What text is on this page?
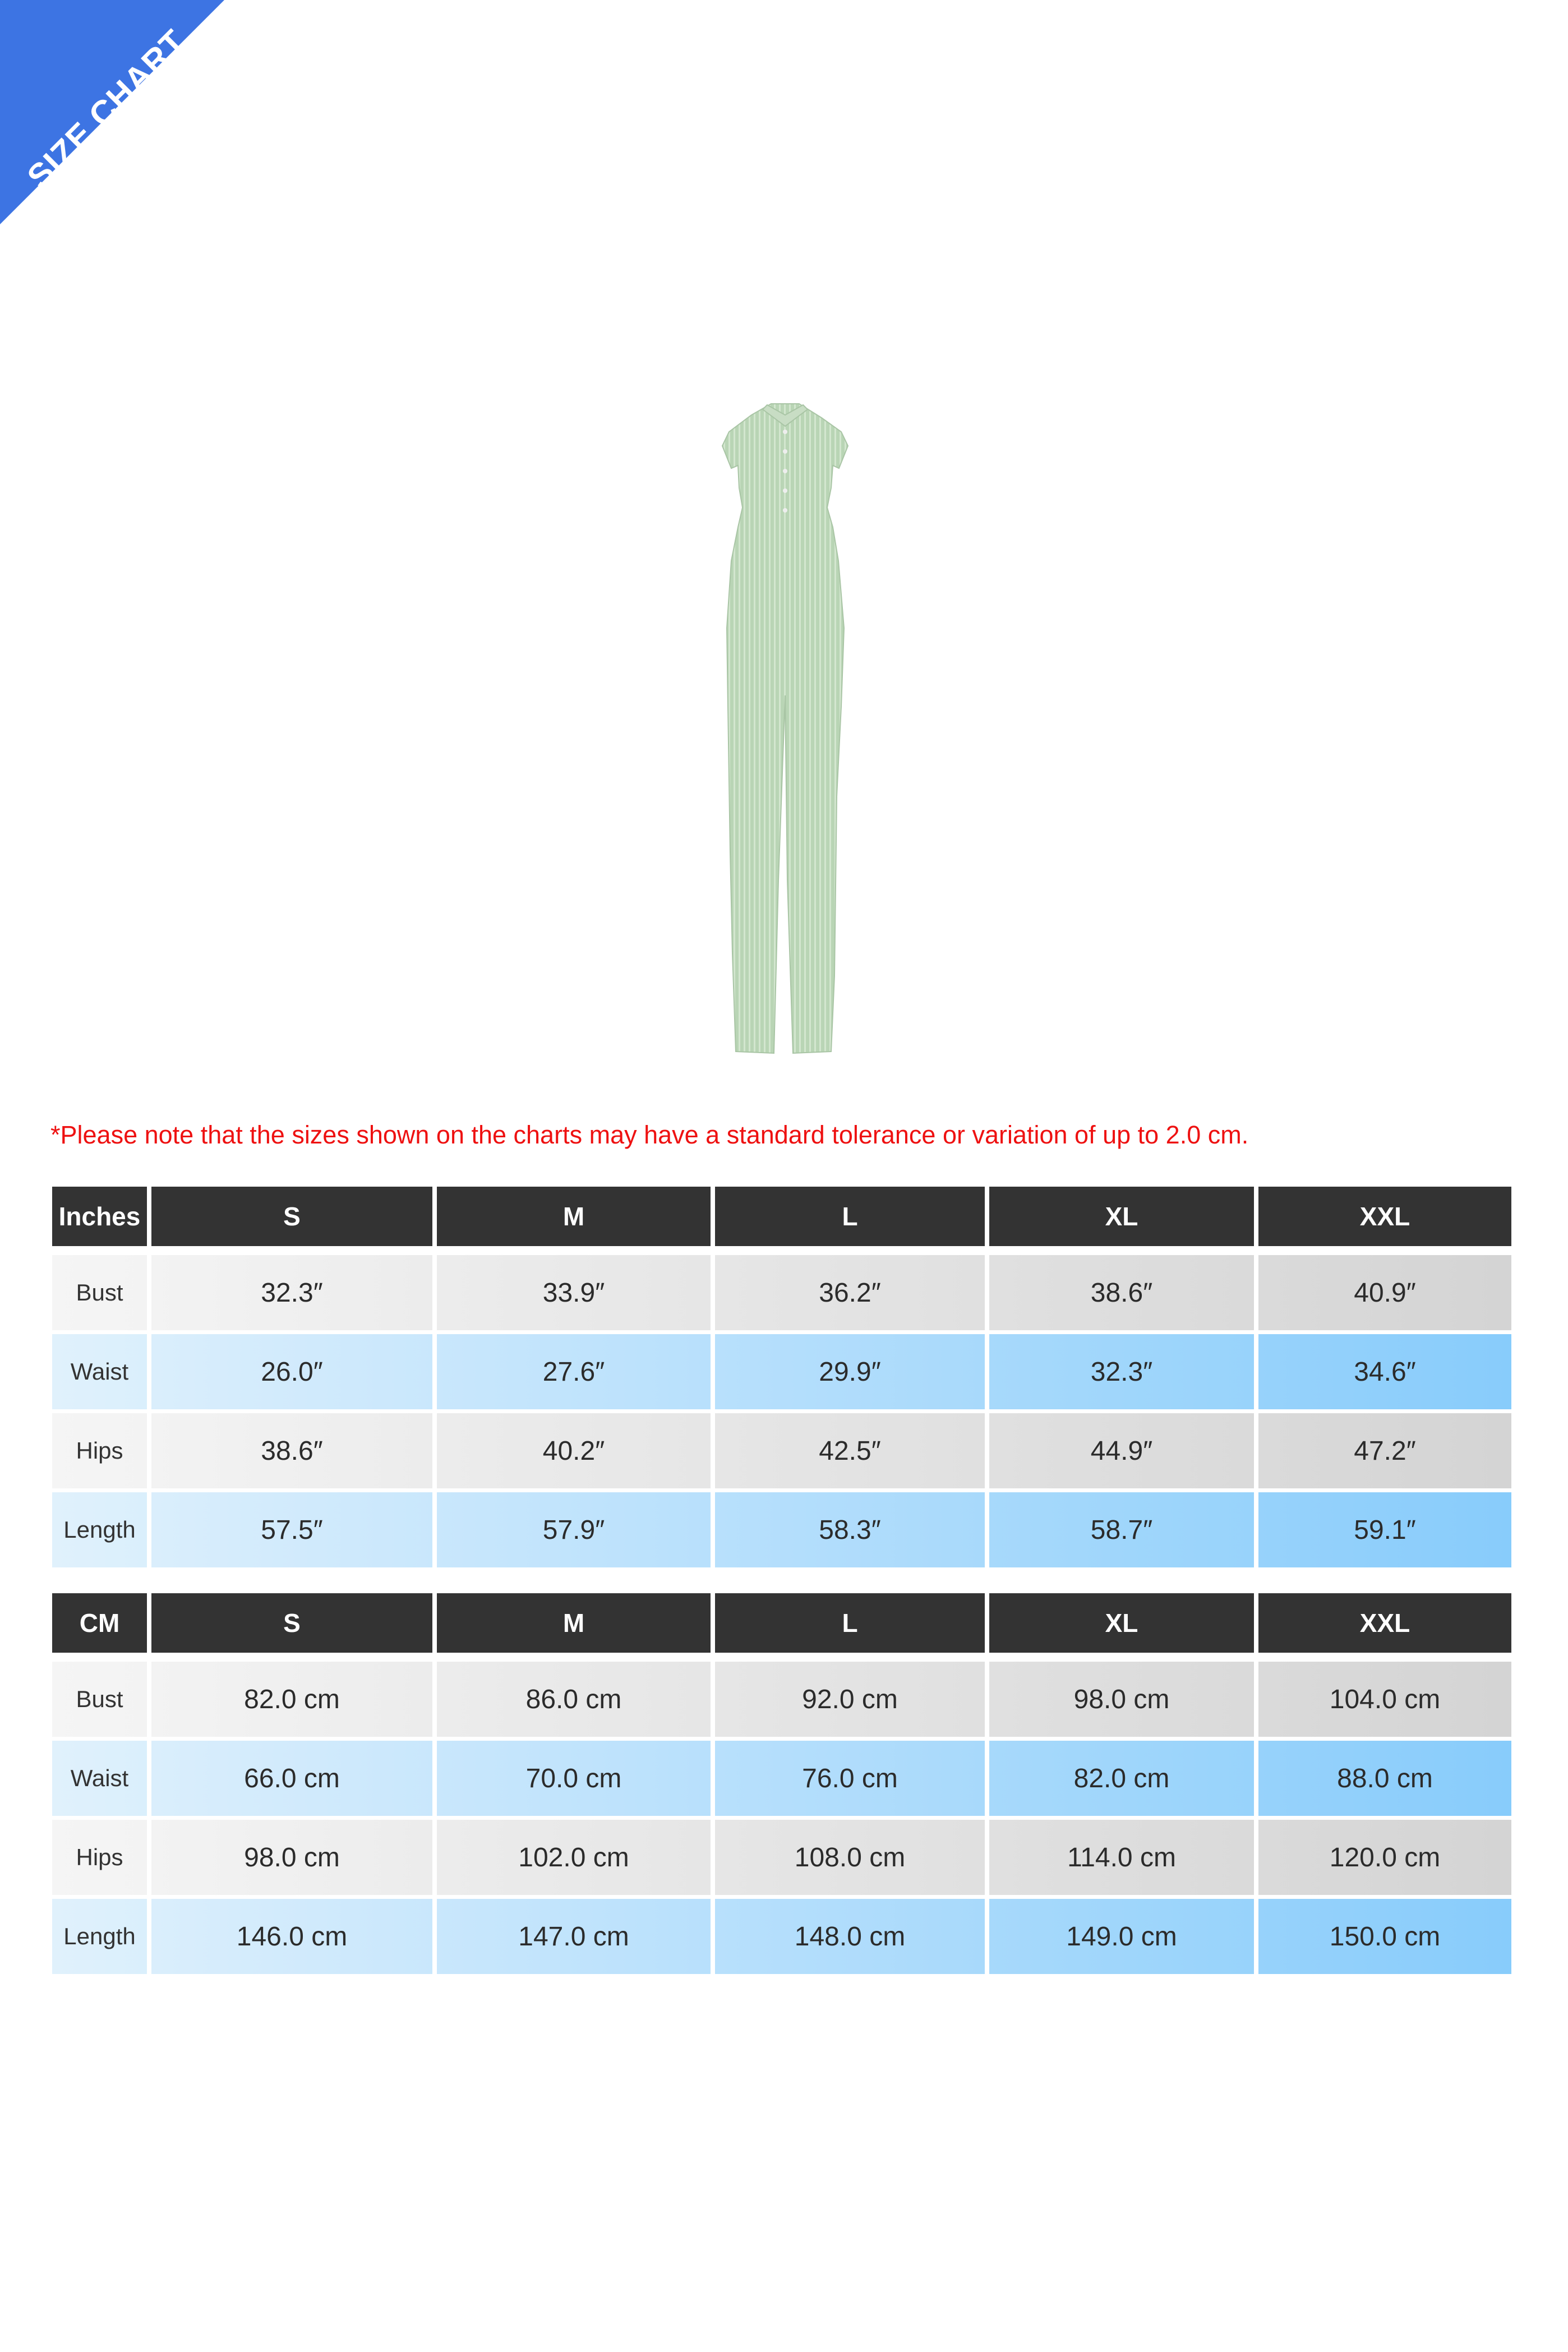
SIZE CHART
*Please note that the sizes shown on the charts may have a standard tolerance or variation of up to 2.0 cm.
Inches	S	M	L	XL	XXL
Bust	32.3″	33.9″	36.2″	38.6″	40.9″
Waist	26.0″	27.6″	29.9″	32.3″	34.6″
Hips	38.6″	40.2″	42.5″	44.9″	47.2″
Length	57.5″	57.9″	58.3″	58.7″	59.1″
CM	S	M	L	XL	XXL
Bust	82.0 cm	86.0 cm	92.0 cm	98.0 cm	104.0 cm
Waist	66.0 cm	70.0 cm	76.0 cm	82.0 cm	88.0 cm
Hips	98.0 cm	102.0 cm	108.0 cm	114.0 cm	120.0 cm
Length	146.0 cm	147.0 cm	148.0 cm	149.0 cm	150.0 cm
